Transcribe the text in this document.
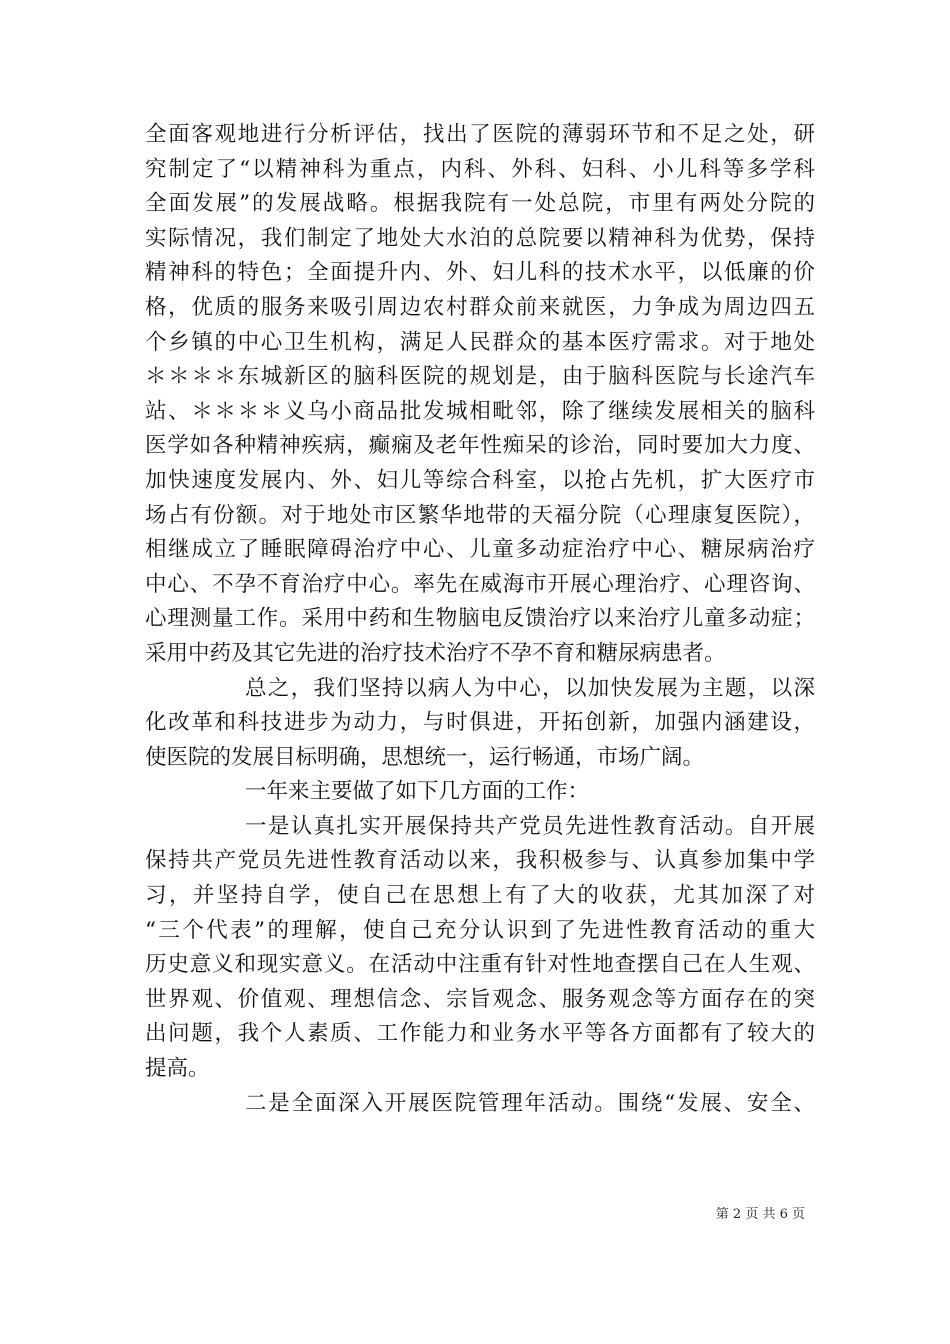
全面客观地进行分析评估，找出了医院的薄弱环节和不足之处，研
究制定了“以精神科为重点，内科、外科、妇科、小儿科等多学科
全面发展”的发展战略。根据我院有一处总院，市里有两处分院的
实际情况，我们制定了地处大水泊的总院要以精神科为优势，保持
精神科的特色；全面提升内、外、妇儿科的技术水平，以低廉的价
格，优质的服务来吸引周边农村群众前来就医，力争成为周边四五
个乡镇的中心卫生机构，满足人民群众的基本医疗需求。对于地处
＊＊＊＊东城新区的脑科医院的规划是，由于脑科医院与长途汽车
站、＊＊＊＊义乌小商品批发城相毗邻，除了继续发展相关的脑科
医学如各种精神疾病，癫痫及老年性痴呆的诊治，同时要加大力度、
加快速度发展内、外、妇儿等综合科室，以抢占先机，扩大医疗市
场占有份额。对于地处市区繁华地带的天福分院（心理康复医院），
相继成立了睡眠障碍治疗中心、儿童多动症治疗中心、糖尿病治疗
中心、不孕不育治疗中心。率先在威海市开展心理治疗、心理咨询、
心理测量工作。采用中药和生物脑电反馈治疗以来治疗儿童多动症；
采用中药及其它先进的治疗技术治疗不孕不育和糖尿病患者。
总之，我们坚持以病人为中心，以加快发展为主题，以深
化改革和科技进步为动力，与时俱进，开拓创新，加强内涵建设，
使医院的发展目标明确，思想统一，运行畅通，市场广阔。
一年来主要做了如下几方面的工作：
一是认真扎实开展保持共产党员先进性教育活动。自开展
保持共产党员先进性教育活动以来，我积极参与、认真参加集中学
习，并坚持自学，使自己在思想上有了大的收获，尤其加深了对
“三个代表”的理解，使自己充分认识到了先进性教育活动的重大
历史意义和现实意义。在活动中注重有针对性地查摆自己在人生观、
世界观、价值观、理想信念、宗旨观念、服务观念等方面存在的突
出问题，我个人素质、工作能力和业务水平等各方面都有了较大的
提高。
二是全面深入开展医院管理年活动。围绕“发展、安全、
第 2 页 共 6 页
